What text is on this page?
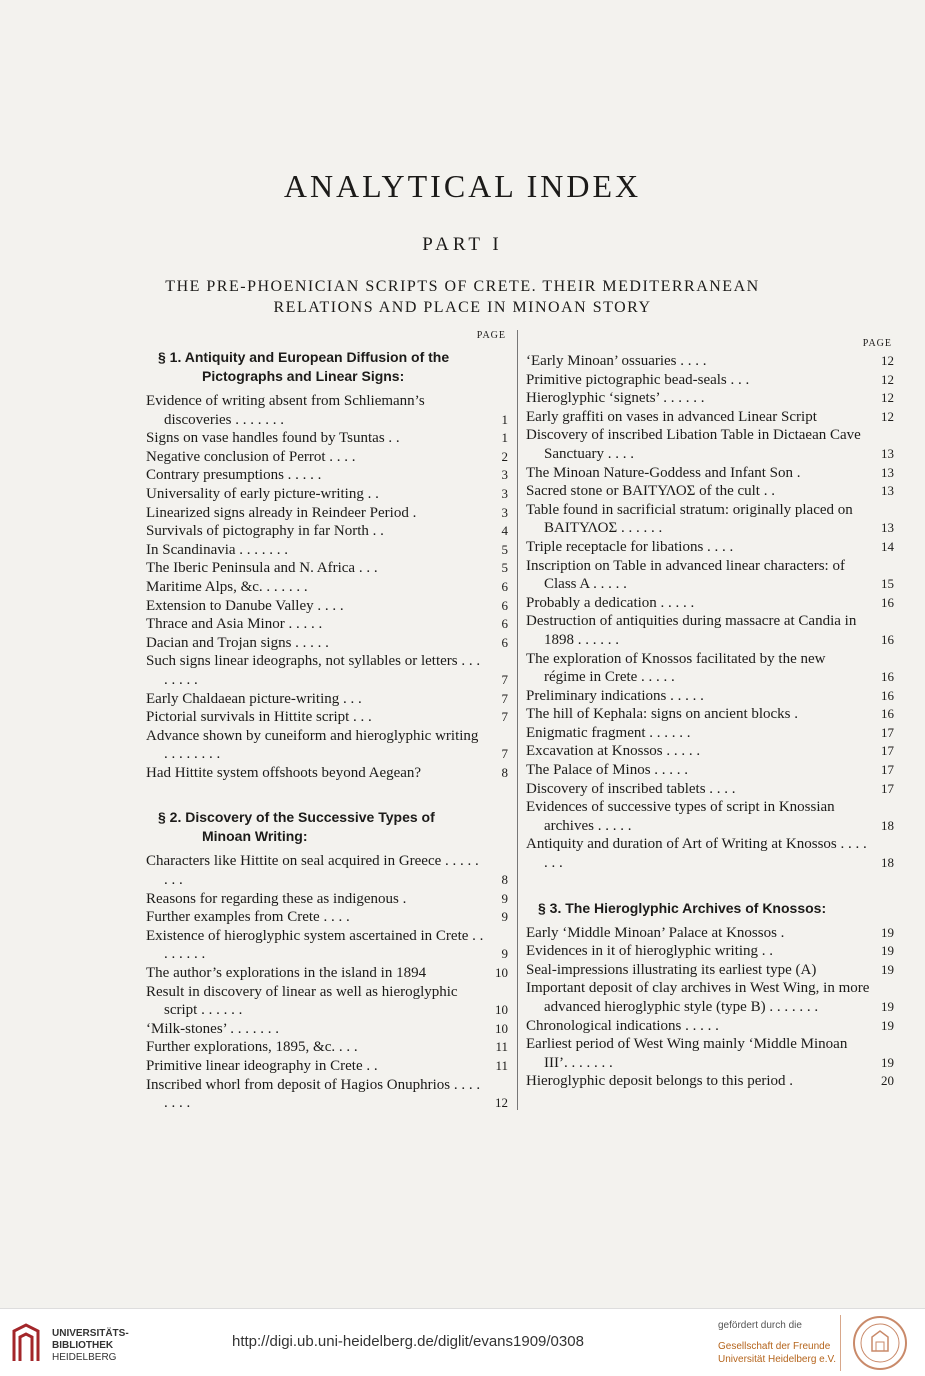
ANALYTICAL INDEX
PART I
THE PRE-PHOENICIAN SCRIPTS OF CRETE. THEIR MEDITERRANEAN
RELATIONS AND PLACE IN MINOAN STORY
PAGE
§ 1. Antiquity and European Diffusion of the
Pictographs and Linear Signs:
Evidence of writing absent from Schliemann’s discoveries . . . . . . .	1
Signs on vase handles found by Tsuntas . .	1
Negative conclusion of Perrot . . . .	2
Contrary presumptions . . . . .	3
Universality of early picture-writing . .	3
Linearized signs already in Reindeer Period .	3
Survivals of pictography in far North . .	4
In Scandinavia . . . . . . .	5
The Iberic Peninsula and N. Africa . . .	5
Maritime Alps, &c. . . . . . .	6
Extension to Danube Valley . . . .	6
Thrace and Asia Minor . . . . .	6
Dacian and Trojan signs . . . . .	6
Such signs linear ideographs, not syllables or letters . . . . . . . .	7
Early Chaldaean picture-writing . . .	7
Pictorial survivals in Hittite script . . .	7
Advance shown by cuneiform and hieroglyphic writing . . . . . . . .	7
Had Hittite system offshoots beyond Aegean?	8
§ 2. Discovery of the Successive Types of
Minoan Writing:
Characters like Hittite on seal acquired in Greece . . . . . . . .	8
Reasons for regarding these as indigenous .	9
Further examples from Crete . . . .	9
Existence of hieroglyphic system ascertained in Crete . . . . . . . .	9
The author’s explorations in the island in 1894	10
Result in discovery of linear as well as hieroglyphic script . . . . . .	10
‘Milk-stones’ . . . . . . .	10
Further explorations, 1895, &c. . . .	11
Primitive linear ideography in Crete . .	11
Inscribed whorl from deposit of Hagios Onuphrios . . . . . . . .	12
PAGE
‘Early Minoan’ ossuaries . . . .	12
Primitive pictographic bead-seals . . .	12
Hieroglyphic ‘signets’ . . . . . .	12
Early graffiti on vases in advanced Linear Script	12
Discovery of inscribed Libation Table in Dictaean Cave Sanctuary . . . .	13
The Minoan Nature-Goddess and Infant Son .	13
Sacred stone or ΒΑΙΤΥΛΟΣ of the cult . .	13
Table found in sacrificial stratum: originally placed on ΒΑΙΤΥΛΟΣ . . . . . .	13
Triple receptacle for libations . . . .	14
Inscription on Table in advanced linear characters: of Class A . . . . .	15
Probably a dedication . . . . .	16
Destruction of antiquities during massacre at Candia in 1898 . . . . . .	16
The exploration of Knossos facilitated by the new régime in Crete . . . . .	16
Preliminary indications . . . . .	16
The hill of Kephala: signs on ancient blocks .	16
Enigmatic fragment . . . . . .	17
Excavation at Knossos . . . . .	17
The Palace of Minos . . . . .	17
Discovery of inscribed tablets . . . .	17
Evidences of successive types of script in Knossian archives . . . . .	18
Antiquity and duration of Art of Writing at Knossos . . . . . . .	18
§ 3. The Hieroglyphic Archives of Knossos:
Early ‘Middle Minoan’ Palace at Knossos .	19
Evidences in it of hieroglyphic writing . .	19
Seal-impressions illustrating its earliest type (A)	19
Important deposit of clay archives in West Wing, in more advanced hieroglyphic style (type B) . . . . . . .	19
Chronological indications . . . . .	19
Earliest period of West Wing mainly ‘Middle Minoan III’. . . . . . .	19
Hieroglyphic deposit belongs to this period .	20
UNIVERSITÄTS-
BIBLIOTHEK
HEIDELBERG
http://digi.ub.uni-heidelberg.de/diglit/evans1909/0308
gefördert durch die
Gesellschaft der Freunde
Universität Heidelberg e.V.
